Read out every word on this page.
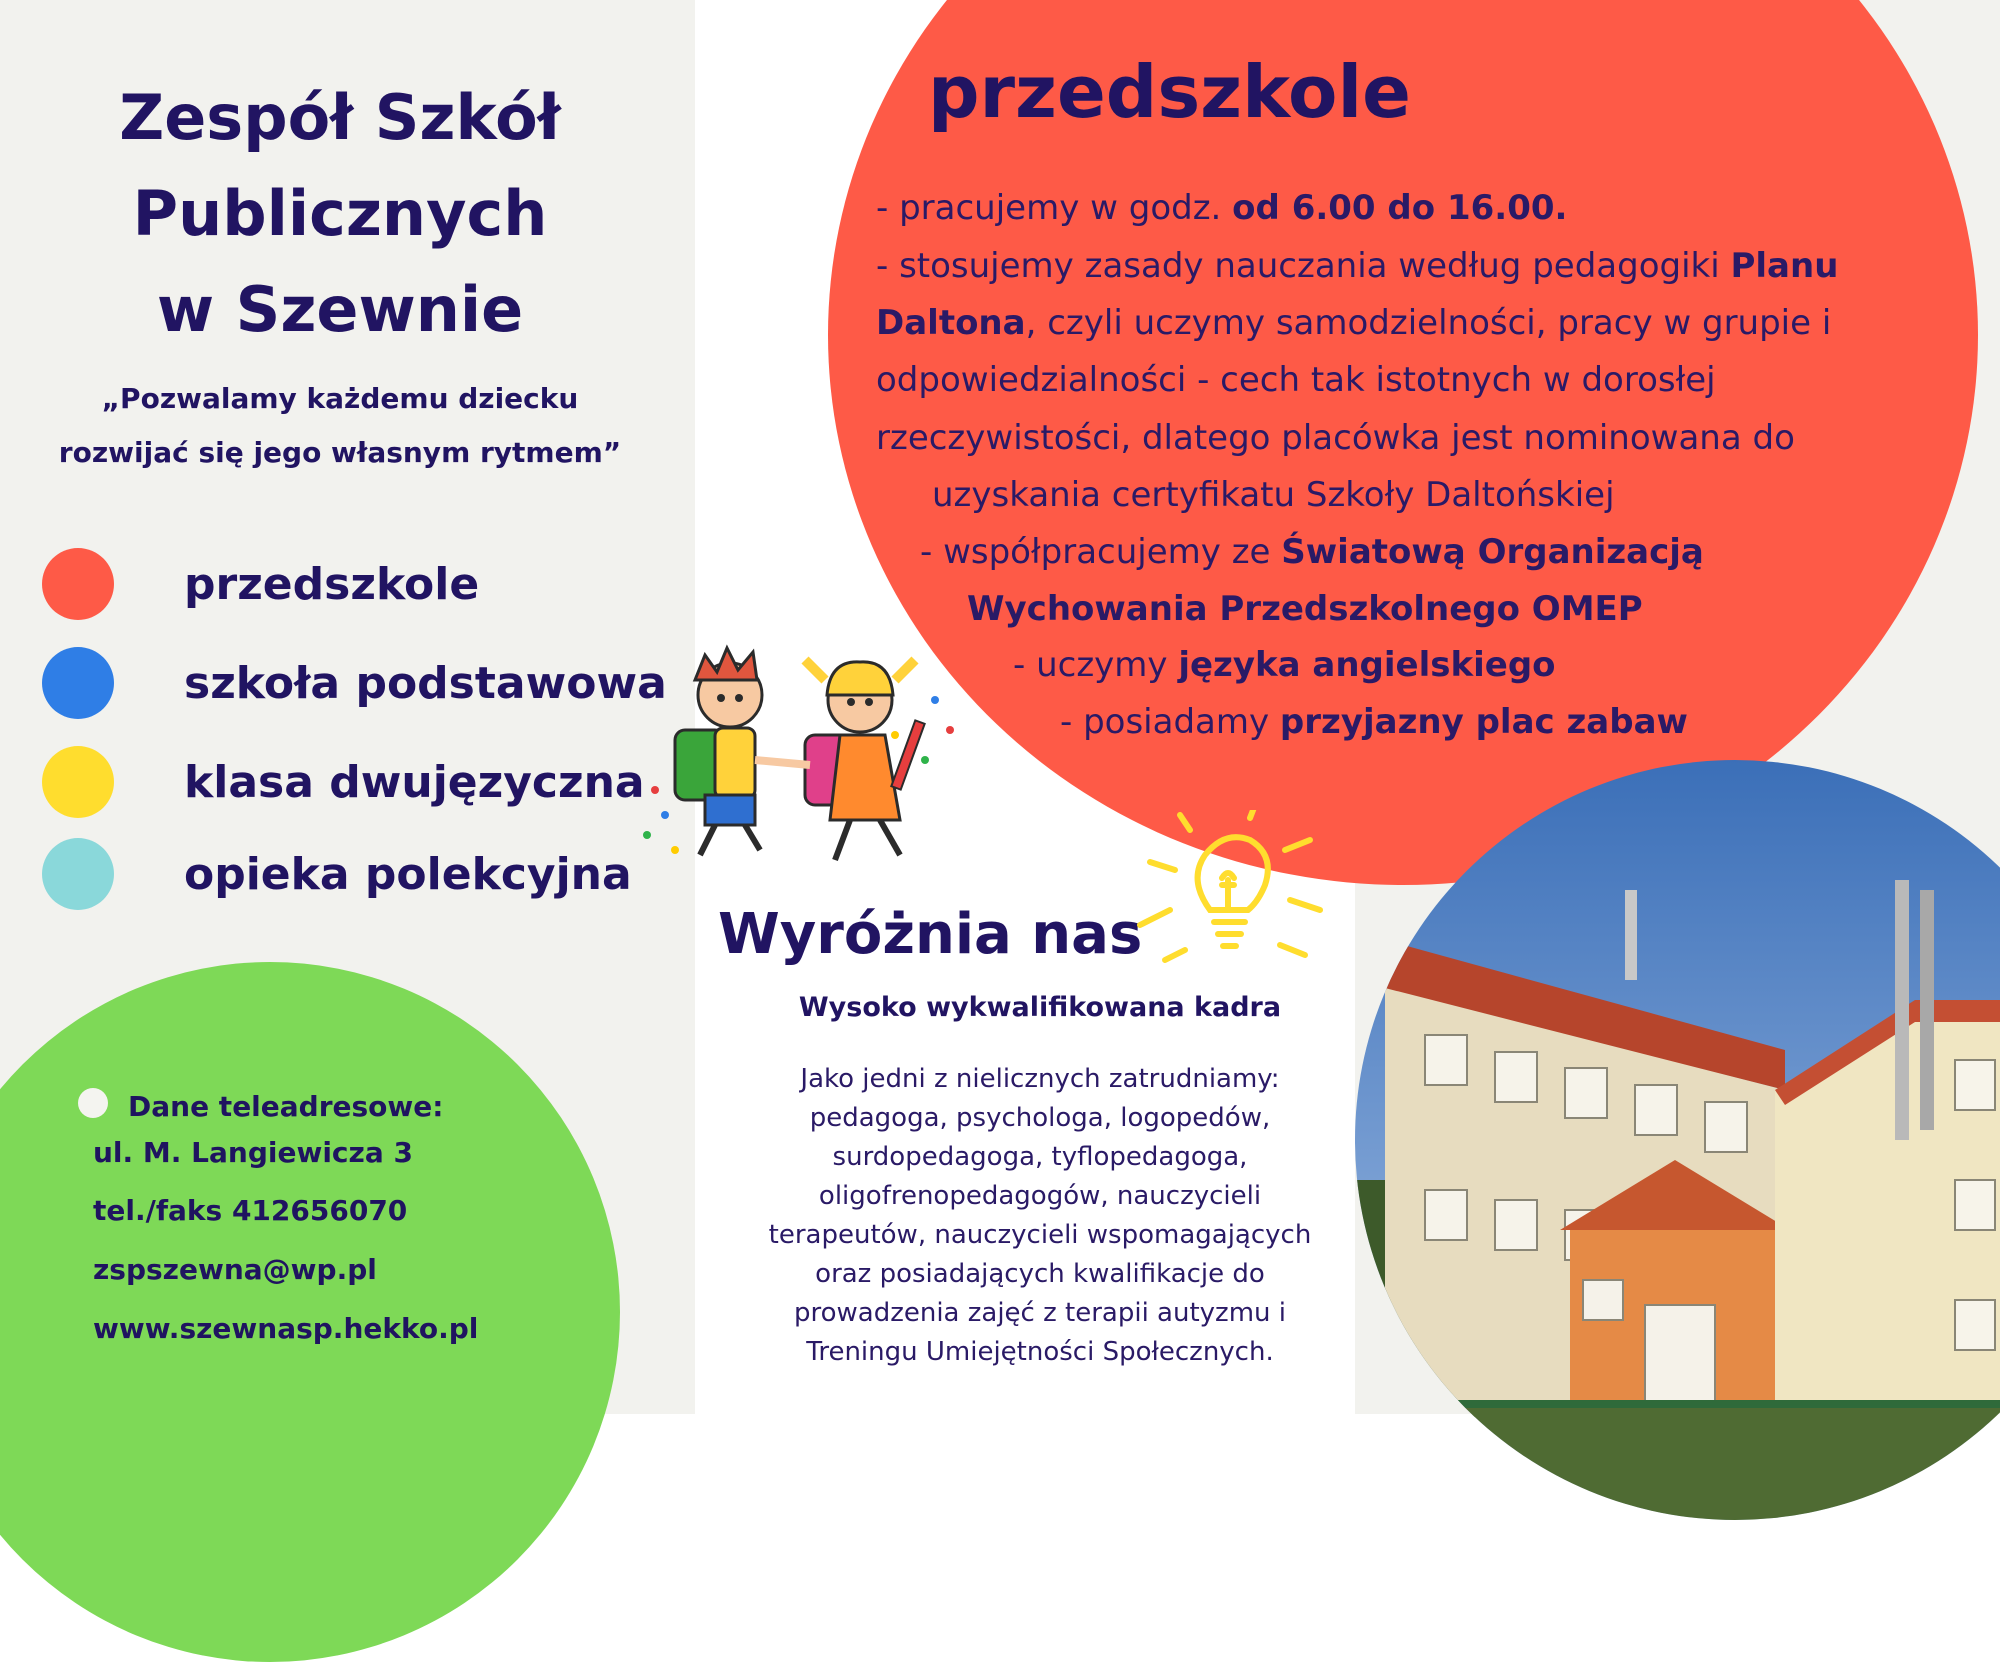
Zespół Szkół
Publicznych
w Szewnie
„Pozwalamy każdemu dziecku
rozwijać się jego własnym rytmem”
przedszkole
szkoła podstawowa
klasa dwujęzyczna
opieka polekcyjna
Dane teleadresowe:
ul. M. Langiewicza 3
tel./faks 412656070
zspszewna@wp.pl
www.szewnasp.hekko.pl
przedszkole
- pracujemy w godz. od 6.00 do 16.00.
- stosujemy zasady nauczania według pedagogiki Planu
Daltona, czyli uczymy samodzielności, pracy w grupie i
odpowiedzialności - cech tak istotnych w dorosłej
rzeczywistości, dlatego placówka jest nominowana do
uzyskania certyfikatu Szkoły Daltońskiej
- współpracujemy ze Światową Organizacją
Wychowania Przedszkolnego OMEP
- uczymy języka angielskiego
- posiadamy przyjazny plac zabaw
Wyróżnia nas
Wysoko wykwalifikowana kadra

Jako jedni z nielicznych zatrudniamy:
pedagoga, psychologa, logopedów,
surdopedagoga, tyflopedagoga,
oligofrenopedagogów, nauczycieli
terapeutów, nauczycieli wspomagających
oraz posiadających kwalifikacje do
prowadzenia zajęć z terapii autyzmu i
Treningu Umiejętności Społecznych.
